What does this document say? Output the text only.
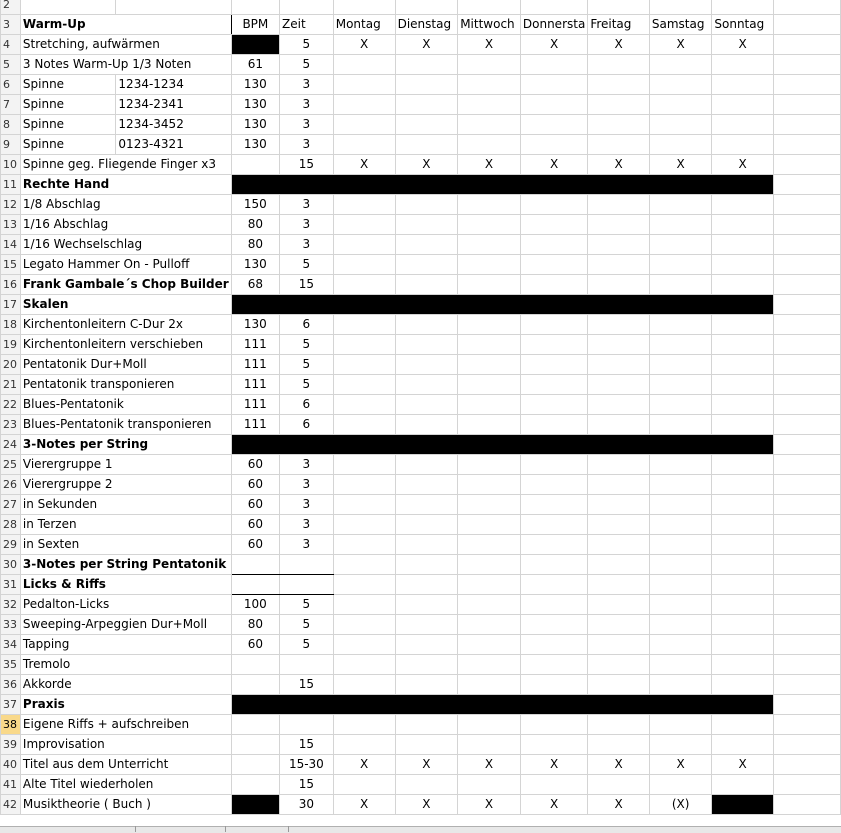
2												
3	Warm-Up		BPM	Zeit	Montag	Dienstag	Mittwoch	Donnersta	Freitag	Samstag	Sonntag	
4	Stretching, aufwärmen			5	X	X	X	X	X	X	X	
5	3 Notes Warm-Up 1/3 Noten		61	5								
6	Spinne	1234-1234	130	3								
7	Spinne	1234-2341	130	3								
8	Spinne	1234-3452	130	3								
9	Spinne	0123-4321	130	3								
10	Spinne geg. Fliegende Finger x3			15	X	X	X	X	X	X	X	
11	Rechte Hand											
12	1/8 Abschlag		150	3								
13	1/16 Abschlag		80	3								
14	1/16 Wechselschlag		80	3								
15	Legato Hammer On - Pulloff		130	5								
16	Frank Gambale´s Chop Builder		68	15								
17	Skalen											
18	Kirchentonleitern C-Dur 2x		130	6								
19	Kirchentonleitern verschieben		111	5								
20	Pentatonik Dur+Moll		111	5								
21	Pentatonik transponieren		111	5								
22	Blues-Pentatonik		111	6								
23	Blues-Pentatonik transponieren		111	6								
24	3-Notes per String											
25	Vierergruppe 1		60	3								
26	Vierergruppe 2		60	3								
27	in Sekunden		60	3								
28	in Terzen		60	3								
29	in Sexten		60	3								
30	3-Notes per String Pentatonik											
31	Licks & Riffs											
32	Pedalton-Licks		100	5								
33	Sweeping-Arpeggien Dur+Moll		80	5								
34	Tapping		60	5								
35	Tremolo											
36	Akkorde			15								
37	Praxis											
38	Eigene Riffs + aufschreiben											
39	Improvisation			15								
40	Titel aus dem Unterricht			15-30	X	X	X	X	X	X	X	
41	Alte Titel wiederholen			15								
42	Musiktheorie ( Buch )			30	X	X	X	X	X	(X)		
